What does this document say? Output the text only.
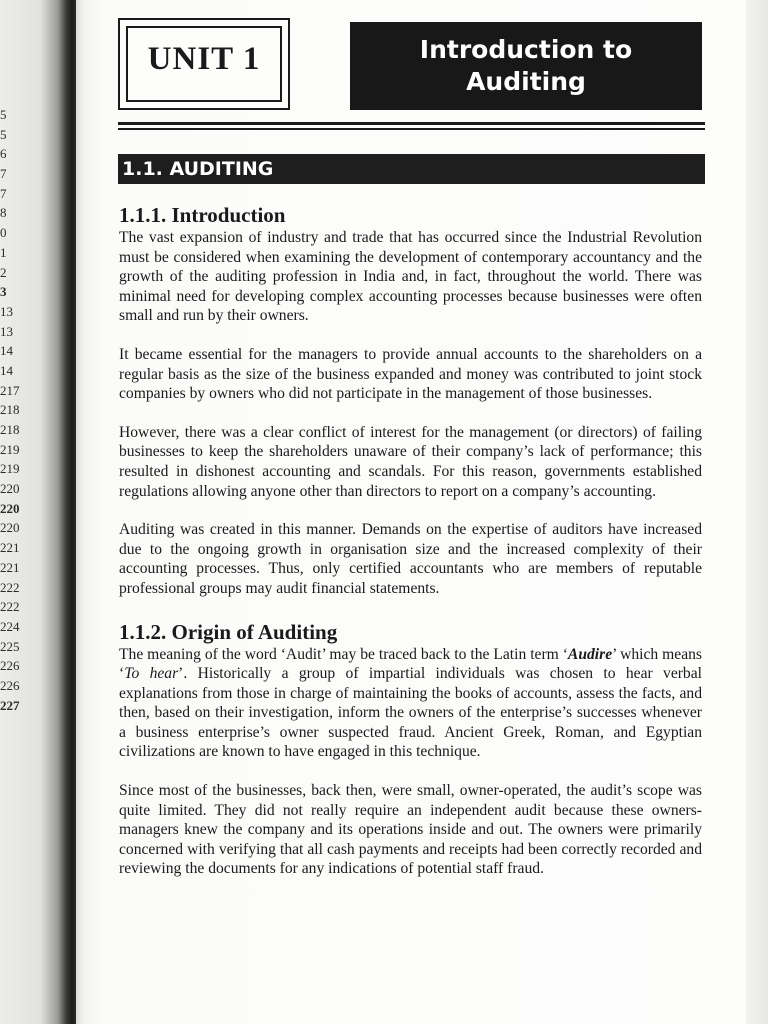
5
5
6
7
7
8
0
1
2
3
13
13
14
14
217
218
218
219
219
220
220
220
221
221
222
222
224
225
226
226
227
UNIT 1	Introduction to
Auditing
1.1. AUDITING
1.1.1. Introduction

The vast expansion of industry and trade that has occurred since the Industrial Revolution must be considered when examining the development of contemporary accountancy and the growth of the auditing profession in India and, in fact, throughout the world. There was minimal need for developing complex accounting processes because businesses were often small and run by their owners.

It became essential for the managers to provide annual accounts to the shareholders on a regular basis as the size of the business expanded and money was contributed to joint stock companies by owners who did not participate in the management of those businesses.

However, there was a clear conflict of interest for the management (or directors) of failing businesses to keep the shareholders unaware of their company’s lack of performance; this resulted in dishonest accounting and scandals. For this reason, governments established regulations allowing anyone other than directors to report on a company’s accounting.

Auditing was created in this manner. Demands on the expertise of auditors have increased due to the ongoing growth in organisation size and the increased complexity of their accounting processes. Thus, only certified accountants who are members of reputable professional groups may audit financial statements.

1.1.2. Origin of Auditing

The meaning of the word ‘Audit’ may be traced back to the Latin term ‘Audire’ which means ‘To hear’. Historically a group of impartial individuals was chosen to hear verbal explanations from those in charge of maintaining the books of accounts, assess the facts, and then, based on their investigation, inform the owners of the enterprise’s successes whenever a business enterprise’s owner suspected fraud. Ancient Greek, Roman, and Egyptian civilizations are known to have engaged in this technique.

Since most of the businesses, back then, were small, owner-operated, the audit’s scope was quite limited. They did not really require an independent audit because these owners-managers knew the company and its operations inside and out. The owners were primarily concerned with verifying that all cash payments and receipts had been correctly recorded and reviewing the documents for any indications of potential staff fraud.
